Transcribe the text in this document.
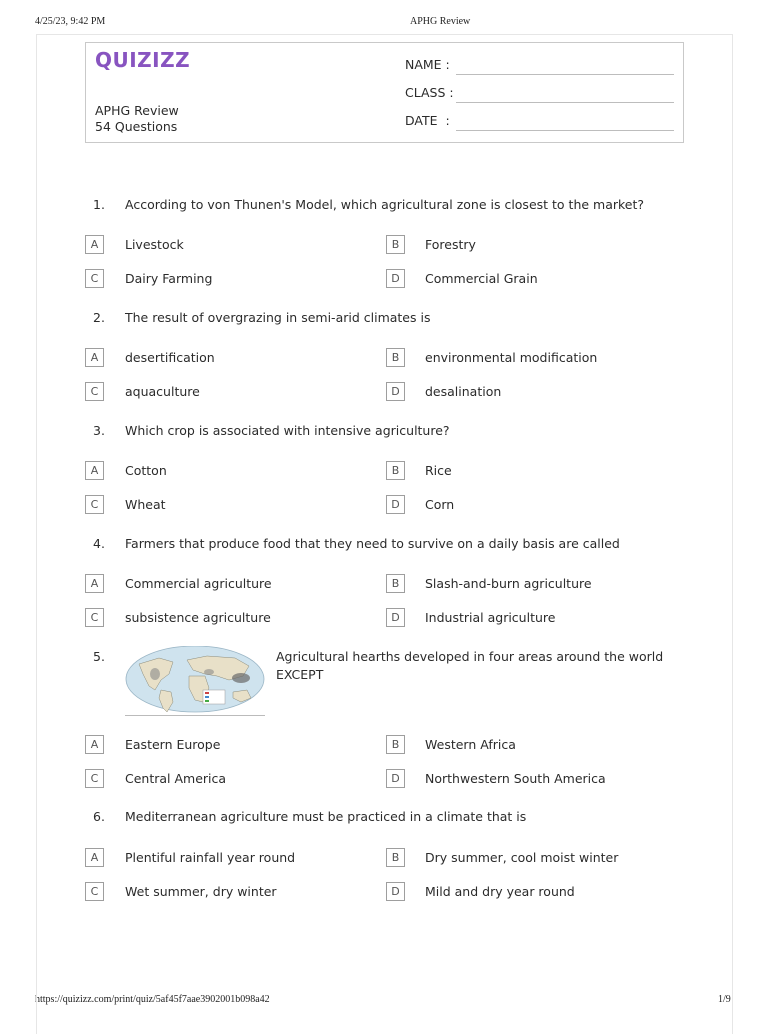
4/25/23, 9:42 PM	APHG Review
https://quizizz.com/print/quiz/5af45f7aae3902001b098a42	1/9
QUIZIZZ
APHG Review
54 Questions
NAME :
CLASS :
DATE  :
1. According to von Thunen's Model, which agricultural zone is closest to the market?
A	Livestock	B	Forestry
C	Dairy Farming	D	Commercial Grain
2. The result of overgrazing in semi-arid climates is
A	desertification	B	environmental modification
C	aquaculture	D	desalination
3. Which crop is associated with intensive agriculture?
A	Cotton	B	Rice
C	Wheat	D	Corn
4. Farmers that produce food that they need to survive on a daily basis are called
A	Commercial agriculture	B	Slash-and-burn agriculture
C	subsistence agriculture	D	Industrial agriculture
5.	Agricultural hearths developed in four areas around the world
EXCEPT
A	Eastern Europe	B	Western Africa
C	Central America	D	Northwestern South America
6. Mediterranean agriculture must be practiced in a climate that is
A	Plentiful rainfall year round	B	Dry summer, cool moist winter
C	Wet summer, dry winter	D	Mild and dry year round
